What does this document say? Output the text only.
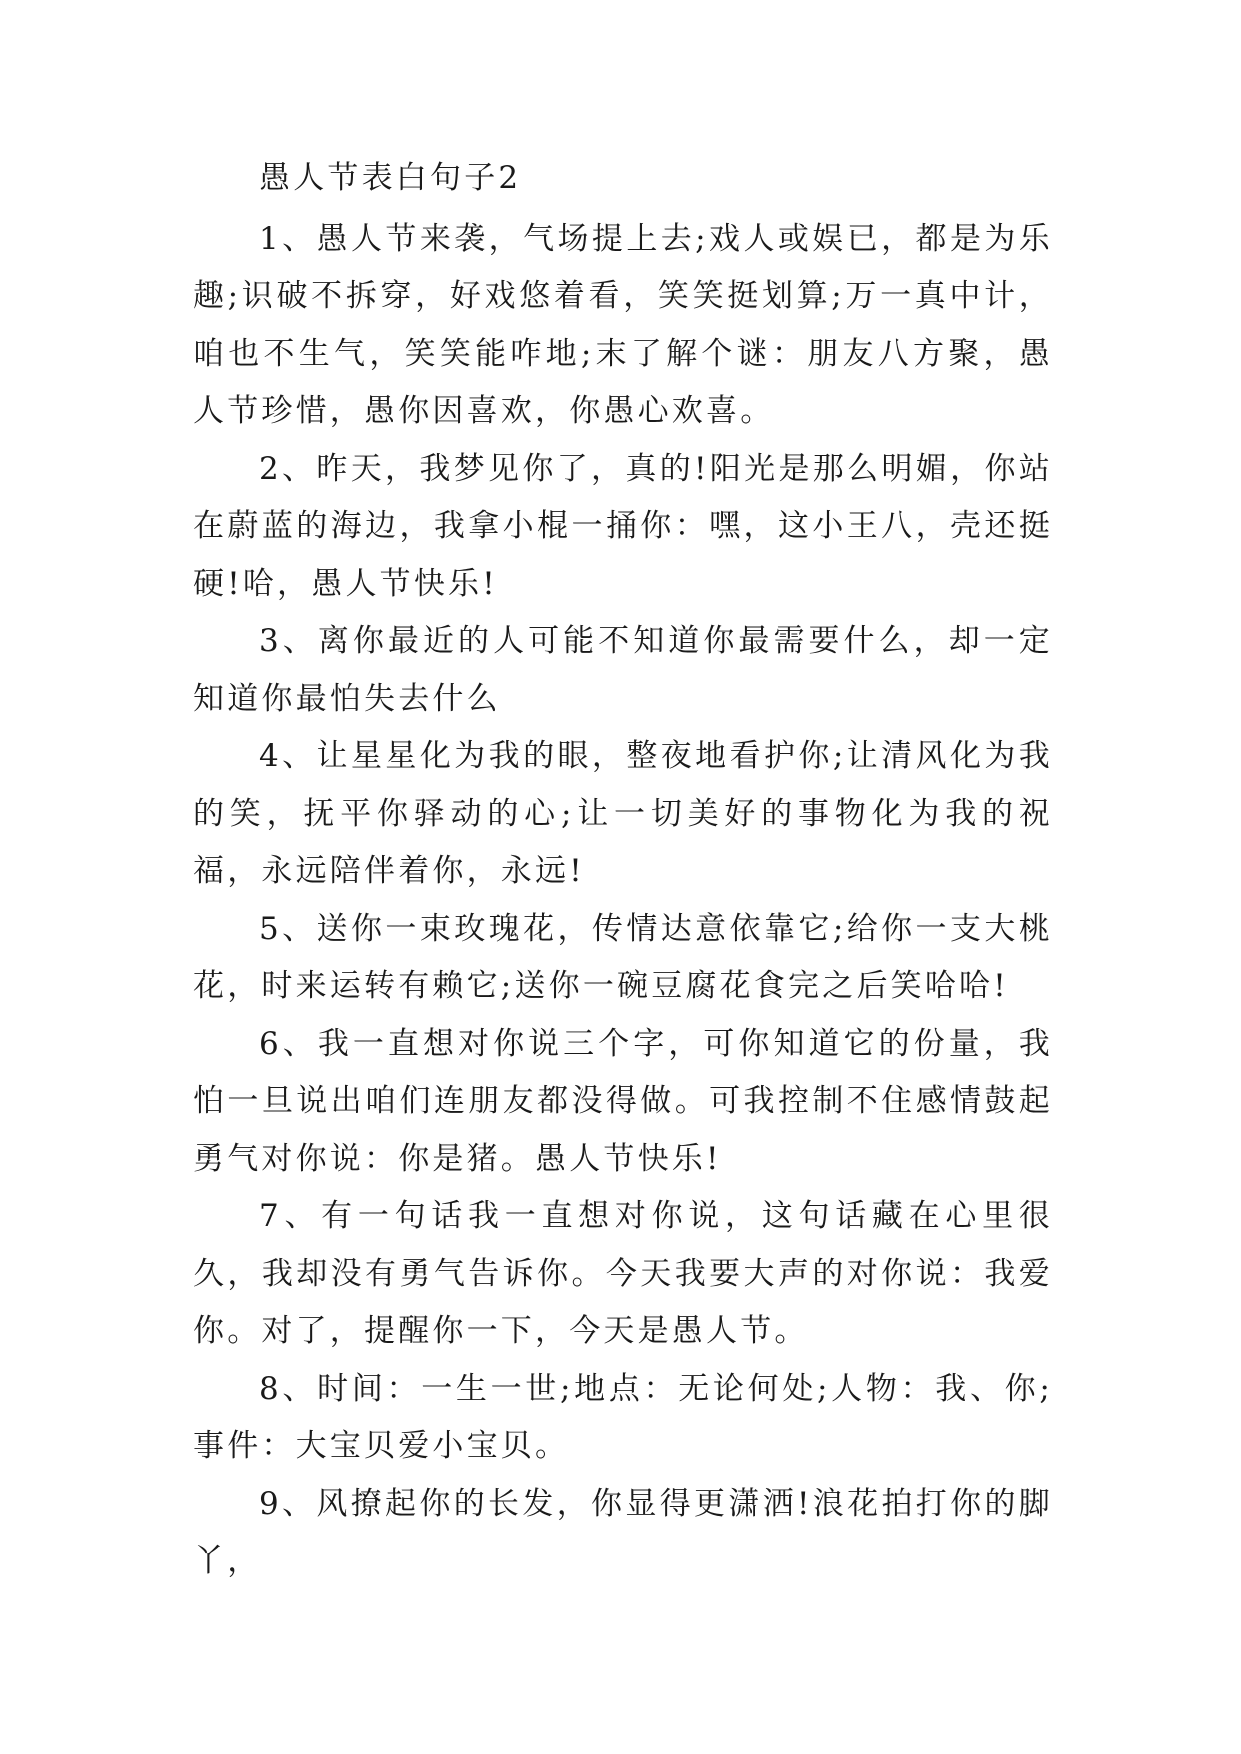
愚人节表白句子2

1、愚人节来袭，气场提上去;戏人或娱已，都是为乐趣;识破不拆穿，好戏悠着看，笑笑挺划算;万一真中计，咱也不生气，笑笑能咋地;末了解个谜：朋友八方聚，愚人节珍惜，愚你因喜欢，你愚心欢喜。

2、昨天，我梦见你了，真的!阳光是那么明媚，你站在蔚蓝的海边，我拿小棍一捅你：嘿，这小王八，壳还挺硬!哈，愚人节快乐!

3、离你最近的人可能不知道你最需要什么，却一定知道你最怕失去什么

4、让星星化为我的眼，整夜地看护你;让清风化为我的笑，抚平你驿动的心;让一切美好的事物化为我的祝福，永远陪伴着你，永远!

5、送你一束玫瑰花，传情达意依靠它;给你一支大桃花，时来运转有赖它;送你一碗豆腐花食完之后笑哈哈!

6、我一直想对你说三个字，可你知道它的份量，我怕一旦说出咱们连朋友都没得做。可我控制不住感情鼓起勇气对你说：你是猪。愚人节快乐!

7、有一句话我一直想对你说，这句话藏在心里很久，我却没有勇气告诉你。今天我要大声的对你说：我爱你。对了，提醒你一下，今天是愚人节。

8、时间：一生一世;地点：无论何处;人物：我、你;事件：大宝贝爱小宝贝。

9、风撩起你的长发，你显得更潇洒!浪花拍打你的脚丫，
